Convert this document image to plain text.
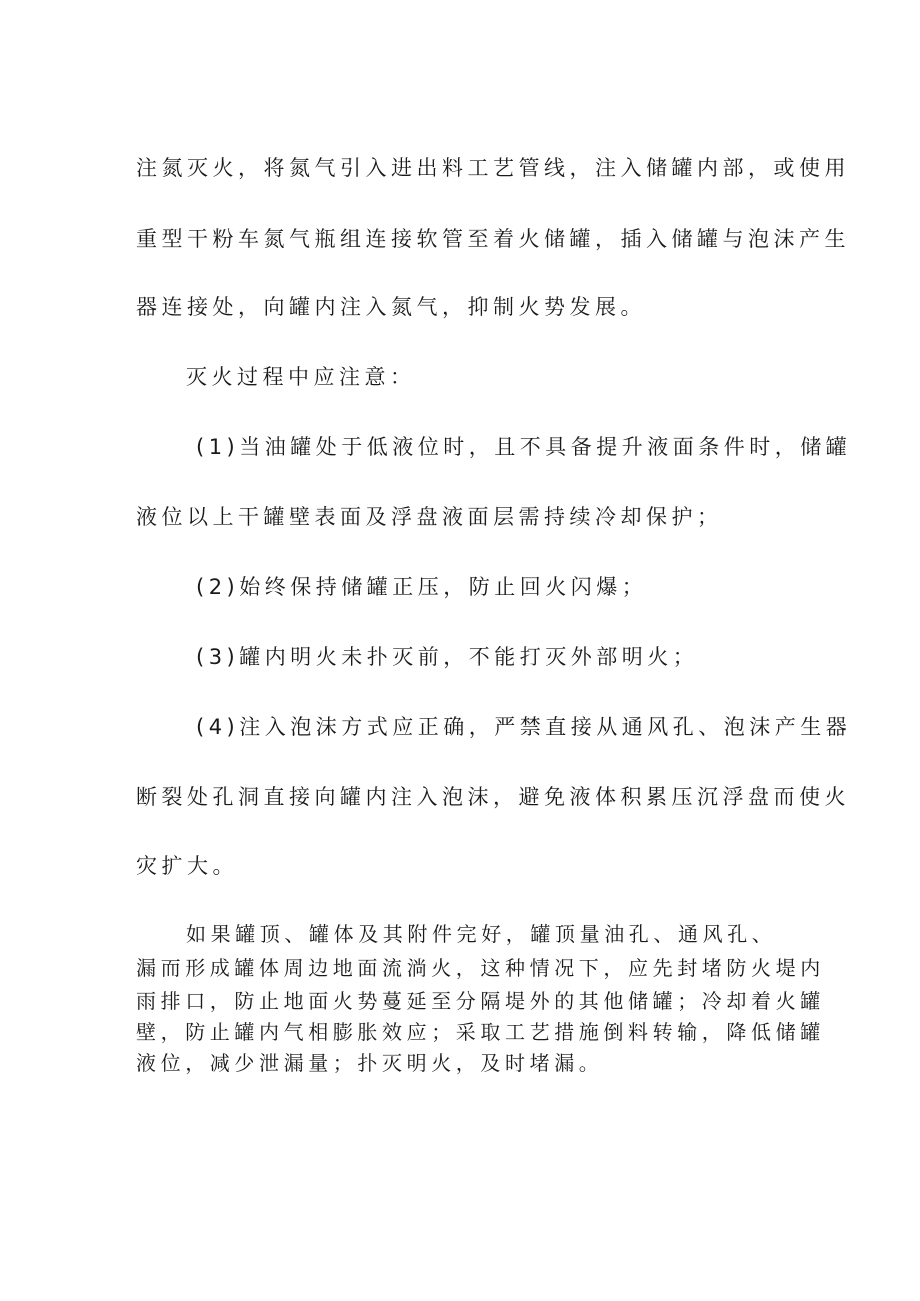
注氮灭火，将氮气引入进出料工艺管线，注入储罐内部，或使用
重型干粉车氮气瓶组连接软管至着火储罐，插入储罐与泡沫产生
器连接处，向罐内注入氮气，抑制火势发展。
灭火过程中应注意：
(1)当油罐处于低液位时，且不具备提升液面条件时，储罐
液位以上干罐壁表面及浮盘液面层需持续冷却保护；
(2)始终保持储罐正压，防止回火闪爆；
(3)罐内明火未扑灭前，不能打灭外部明火；
(4)注入泡沫方式应正确，严禁直接从通风孔、泡沫产生器
断裂处孔洞直接向罐内注入泡沫，避免液体积累压沉浮盘而使火
灾扩大。
如果罐顶、罐体及其附件完好，罐顶量油孔、通风孔、
漏而形成罐体周边地面流淌火，这种情况下，应先封堵防火堤内
雨排口，防止地面火势蔓延至分隔堤外的其他储罐；冷却着火罐
壁，防止罐内气相膨胀效应；采取工艺措施倒料转输，降低储罐
液位，减少泄漏量；扑灭明火，及时堵漏。
